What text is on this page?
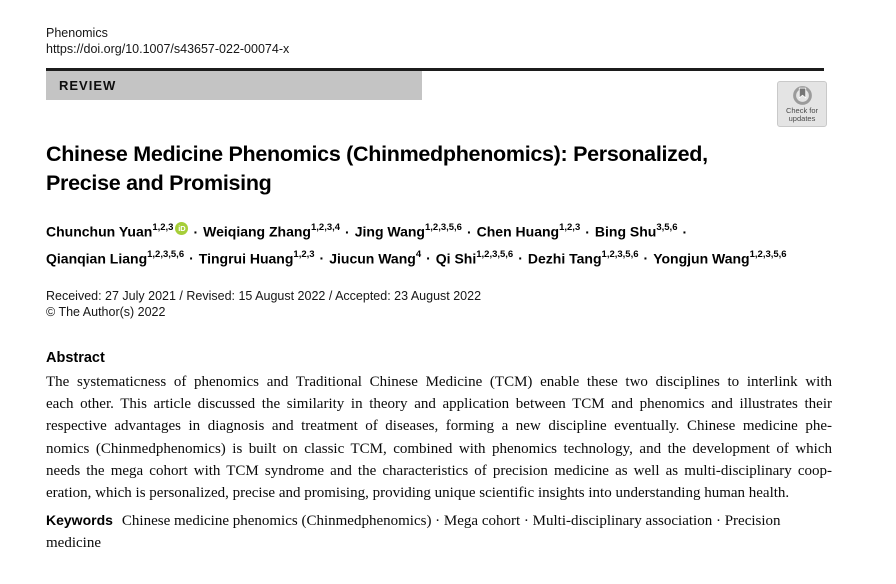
Phenomics
https://doi.org/10.1007/s43657-022-00074-x
REVIEW
Check for
updates
Chinese Medicine Phenomics (Chinmedphenomics): Personalized,
Precise and Promising
Chunchun Yuan$^{1,2,3}$ iD · Weiqiang Zhang$^{1,2,3,4}$ · Jing Wang$^{1,2,3,5,6}$ · Chen Huang$^{1,2,3}$ · Bing Shu$^{3,5,6}$ ·
Qianqian Liang$^{1,2,3,5,6}$ · Tingrui Huang$^{1,2,3}$ · Jiucun Wang$^4$ · Qi Shi$^{1,2,3,5,6}$ · Dezhi Tang$^{1,2,3,5,6}$ · Yongjun Wang$^{1,2,3,5,6}$
Received: 27 July 2021 / Revised: 15 August 2022 / Accepted: 23 August 2022
© The Author(s) 2022
Abstract
The systematicness of phenomics and Traditional Chinese Medicine (TCM) enable these two disciplines to interlink with
each other. This article discussed the similarity in theory and application between TCM and phenomics and illustrates their
respective advantages in diagnosis and treatment of diseases, forming a new discipline eventually. Chinese medicine phe-
nomics (Chinmedphenomics) is built on classic TCM, combined with phenomics technology, and the development of which
needs the mega cohort with TCM syndrome and the characteristics of precision medicine as well as multi-disciplinary coop-
eration, which is personalized, precise and promising, providing unique scientific insights into understanding human health.
Keywords Chinese medicine phenomics (Chinmedphenomics) · Mega cohort · Multi-disciplinary association · Precision medicine
